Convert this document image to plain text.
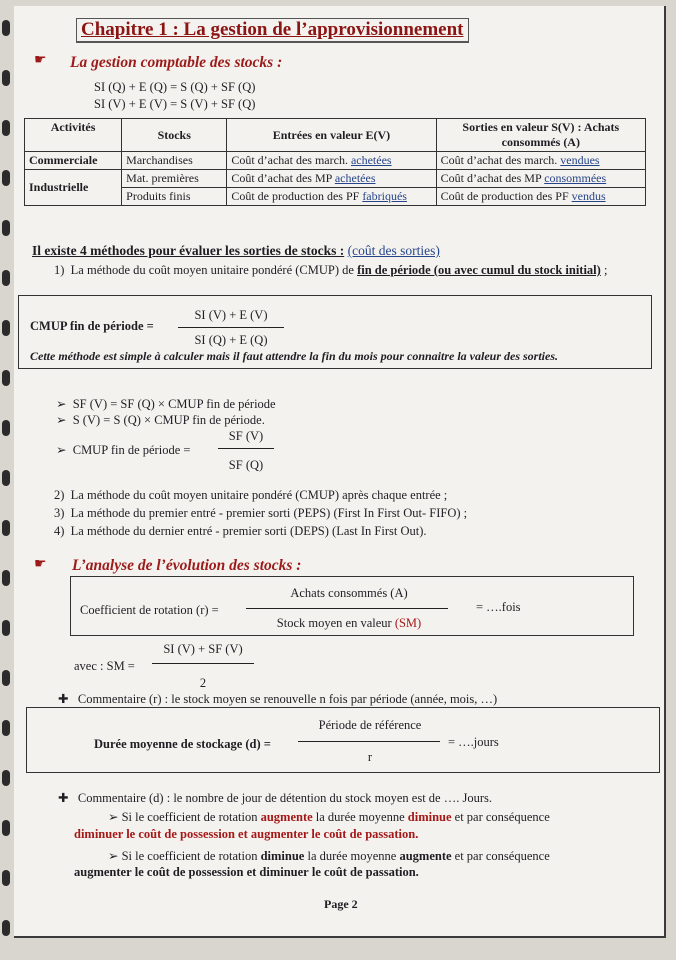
Chapitre 1 : La gestion de l’approvisionnement
☛ La gestion comptable des stocks :
SI (Q) + E (Q) = S (Q) + SF (Q)
SI (V) + E (V) = S (V) + SF (Q)
Activités	Stocks	Entrées en valeur E(V)	Sorties en valeur S(V) : Achats consommés (A)
Commerciale	Marchandises	Coût d’achat des march. achetées	Coût d’achat des march. vendues
Industrielle	Mat. premières	Coût d’achat des MP achetées	Coût d’achat des MP consommées
	Produits finis	Coût de production des PF fabriqués	Coût de production des PF vendus
Il existe 4 méthodes pour évaluer les sorties de stocks : (coût des sorties)
1) La méthode du coût moyen unitaire pondéré (CMUP) de fin de période (ou avec cumul du stock initial) ;
CMUP fin de période =
SI (V) + E (V)
SI (Q) + E (Q)
Cette méthode est simple à calculer mais il faut attendre la fin du mois pour connaitre la valeur des sorties.
➢ SF (V) = SF (Q) × CMUP fin de période
➢ S (V) = S (Q) × CMUP fin de période.
➢ CMUP fin de période =
SF (V)
SF (Q)
2) La méthode du coût moyen unitaire pondéré (CMUP) après chaque entrée ;
3) La méthode du premier entré - premier sorti (PEPS) (First In First Out- FIFO) ;
4) La méthode du dernier entré - premier sorti (DEPS) (Last In First Out).
☛ L’analyse de l’évolution des stocks :
Coefficient de rotation (r) =
Achats consommés (A)
Stock moyen en valeur (SM)
= ….fois
avec : SM =
SI (V) + SF (V)
2
✚ Commentaire (r) : le stock moyen se renouvelle n fois par période (année, mois, …)
Durée moyenne de stockage (d) =
Période de référence
r
= ….jours
✚ Commentaire (d) : le nombre de jour de détention du stock moyen est de …. Jours.
➢ Si le coefficient de rotation augmente la durée moyenne diminue et par conséquence
diminuer le coût de possession et augmenter le coût de passation.
➢ Si le coefficient de rotation diminue la durée moyenne augmente et par conséquence
augmenter le coût de possession et diminuer le coût de passation.
Page 2
